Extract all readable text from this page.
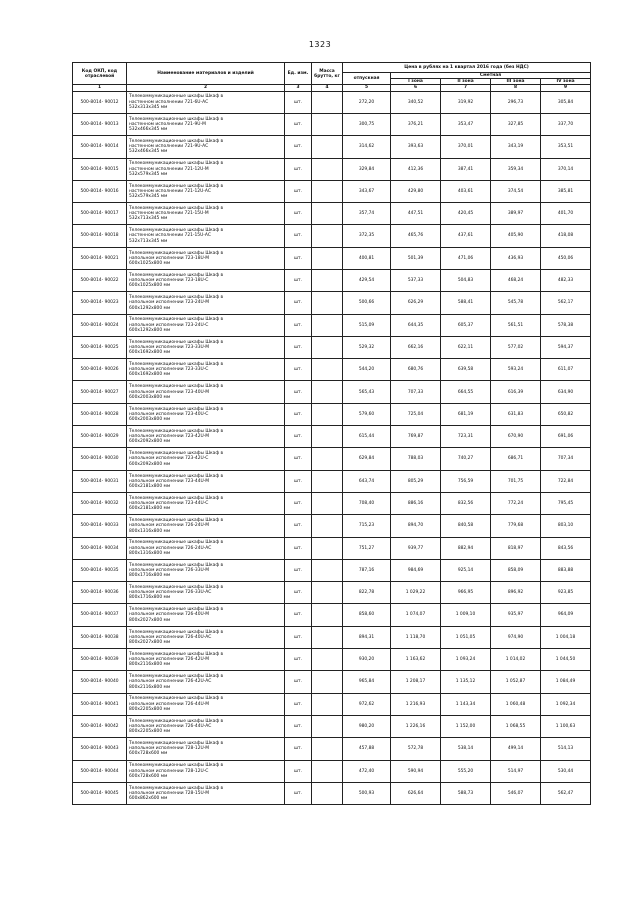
1323
Код ОКП, код отраслевой	Наименование материалов и изделий	Ед. изм.	Масса брутто, кг	Цена в рублях на 1 квартал 2016 года (без НДС)				
				отпускная	Сметная			
					I зона	II зона	III зона	IV зона
1	2	3	4	5	6	7	8	9
500-8014- 90012	Телекоммуникационные шкафы Шкаф в
настенном исполнении 721-6U-АС
532х313х345 мм	шт.		272,20	340,52	319,92	296,73	305,84
500-8014- 90013	Телекоммуникационные шкафы Шкаф в
настенном исполнении 721-9U-М
532х466х345 мм	шт.		300,75	376,21	353,47	327,85	337,70
500-8014- 90014	Телекоммуникационные шкафы Шкаф в
настенном исполнении 721-9U-АС
532х466х345 мм	шт.		314,62	393,63	370,01	343,19	353,51
500-8014- 90015	Телекоммуникационные шкафы Шкаф в
настенном исполнении 721-12U-М
532х579х345 мм	шт.		329,84	412,36	387,41	359,34	370,14
500-8014- 90016	Телекоммуникационные шкафы Шкаф в
настенном исполнении 721-12U-АС
532х579х345 мм	шт.		343,67	429,80	403,61	374,54	385,81
500-8014- 90017	Телекоммуникационные шкафы Шкаф в
настенном исполнении 721-15U-М
532х713х345 мм	шт.		357,74	447,51	420,45	389,97	401,70
500-8014- 90018	Телекоммуникационные шкафы Шкаф в
настенном исполнении 721-15U-АС
532х713х345 мм	шт.		372,35	465,76	437,61	405,90	418,08
500-8014- 90021	Телекоммуникационные шкафы Шкаф в
напольном исполнении 723-18U-М
600х1025х800 мм	шт.		400,81	501,39	471,06	436,93	450,06
500-8014- 90022	Телекоммуникационные шкафы Шкаф в
напольном исполнении 723-18U-С
600х1025х800 мм	шт.		429,54	537,33	504,83	468,24	482,33
500-8014- 90023	Телекоммуникационные шкафы Шкаф в
напольном исполнении 723-24U-М
600х1292х800 мм	шт.		500,66	626,29	588,41	545,78	562,17
500-8014- 90024	Телекоммуникационные шкафы Шкаф в
напольном исполнении 723-24U-С
600х1292х800 мм	шт.		515,09	644,35	605,37	561,51	578,38
500-8014- 90025	Телекоммуникационные шкафы Шкаф в
напольном исполнении 723-33U-М
600х1692х800 мм	шт.		529,32	662,16	622,11	577,02	594,37
500-8014- 90026	Телекоммуникационные шкафы Шкаф в
напольном исполнении 723-33U-С
600х1692х800 мм	шт.		544,20	680,76	639,58	593,24	611,07
500-8014- 90027	Телекоммуникационные шкафы Шкаф в
напольном исполнении 723-40U-М
600х2003х800 мм	шт.		565,43	707,33	664,55	616,39	634,90
500-8014- 90028	Телекоммуникационные шкафы Шкаф в
напольном исполнении 723-40U-С
600х2003х800 мм	шт.		579,60	725,04	681,19	631,83	650,82
500-8014- 90029	Телекоммуникационные шкафы Шкаф в
напольном исполнении 723-42U-М
600х2092х800 мм	шт.		615,44	769,87	723,31	670,90	691,06
500-8014- 90030	Телекоммуникационные шкафы Шкаф в
напольном исполнении 723-42U-С
600х2092х800 мм	шт.		629,84	788,03	740,27	686,71	707,34
500-8014- 90031	Телекоммуникационные шкафы Шкаф в
напольном исполнении 723-44U-М
600х2181х800 мм	шт.		643,74	805,29	756,59	701,75	722,84
500-8014- 90032	Телекоммуникационные шкафы Шкаф в
напольном исполнении 723-44U-С
600х2181х800 мм	шт.		708,40	886,16	832,56	772,24	795,45
500-8014- 90033	Телекоммуникационные шкафы Шкаф в
напольном исполнении 726-24U-М
800х1316х800 мм	шт.		715,23	894,70	840,58	779,68	803,10
500-8014- 90034	Телекоммуникационные шкафы Шкаф в
напольном исполнении 726-24U-АС
800х1316х800 мм	шт.		751,27	939,77	882,94	818,97	843,56
500-8014- 90035	Телекоммуникационные шкафы Шкаф в
напольном исполнении 726-33U-М
800х1716х800 мм	шт.		787,16	984,69	925,14	858,09	883,88
500-8014- 90036	Телекоммуникационные шкафы Шкаф в
напольном исполнении 726-33U-АС
800х1716х800 мм	шт.		822,78	1 029,22	966,95	896,92	923,85
500-8014- 90037	Телекоммуникационные шкафы Шкаф в
напольном исполнении 726-40U-М
800х2027х800 мм	шт.		858,60	1 074,07	1 009,10	935,97	964,09
500-8014- 90038	Телекоммуникационные шкафы Шкаф в
напольном исполнении 726-40U-АС
800х2027х800 мм	шт.		894,31	1 118,70	1 051,05	974,90	1 004,18
500-8014- 90039	Телекоммуникационные шкафы Шкаф в
напольном исполнении 726-42U-М
800х2116х800 мм	шт.		930,20	1 163,62	1 093,24	1 014,02	1 044,50
500-8014- 90040	Телекоммуникационные шкафы Шкаф в
напольном исполнении 726-42U-АС
800х2116х800 мм	шт.		965,84	1 208,17	1 135,12	1 052,87	1 084,49
500-8014- 90041	Телекоммуникационные шкафы Шкаф в
напольном исполнении 726-44U-М
800х2205х800 мм	шт.		972,62	1 216,93	1 143,34	1 060,48	1 092,34
500-8014- 90042	Телекоммуникационные шкафы Шкаф в
напольном исполнении 726-44U-АС
800х2205х800 мм	шт.		980,20	1 226,16	1 152,00	1 068,55	1 100,63
500-8014- 90043	Телекоммуникационные шкафы Шкаф в
напольном исполнении 728-12U-М
600х728х600 мм	шт.		457,88	572,78	538,14	499,14	514,13
500-8014- 90044	Телекоммуникационные шкафы Шкаф в
напольном исполнении 728-12U-С
600х728х600 мм	шт.		472,40	590,94	555,20	514,97	530,44
500-8014- 90045	Телекоммуникационные шкафы Шкаф в
напольном исполнении 728-15U-М
600х862х600 мм	шт.		500,93	626,64	588,73	546,07	562,47
